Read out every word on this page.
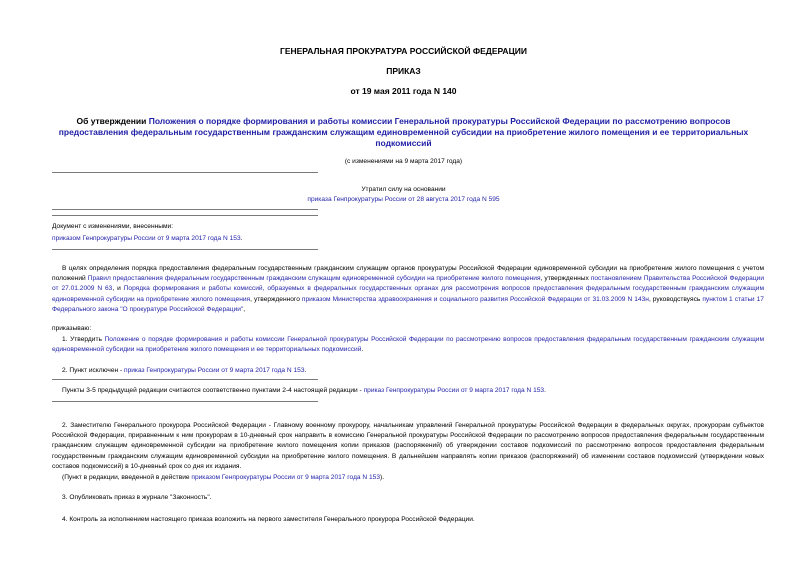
ГЕНЕРАЛЬНАЯ ПРОКУРАТУРА РОССИЙСКОЙ ФЕДЕРАЦИИ
ПРИКАЗ
от 19 мая 2011 года N 140
Об утверждении Положения о порядке формирования и работы комиссии Генеральной прокуратуры Российской Федерации по рассмотрению вопросов предоставления федеральным государственным гражданским служащим единовременной субсидии на приобретение жилого помещения и ее территориальных подкомиссий
(с изменениями на 9 марта 2017 года)
Утратил силу на основании
приказа Генпрокуратуры России от 28 августа 2017 года N 595
Документ с изменениями, внесенными:
приказом Генпрокуратуры России от 9 марта 2017 года N 153.
В целях определения порядка предоставления федеральным государственным гражданским служащим органов прокуратуры Российской Федерации единовременной субсидии на приобретение жилого помещения с учетом положений Правил предоставления федеральным государственным гражданским служащим единовременной субсидии на приобретение жилого помещения, утвержденных постановлением Правительства Российской Федерации от 27.01.2009 N 63, и Порядка формирования и работы комиссий, образуемых в федеральных государственных органах для рассмотрения вопросов предоставления федеральным государственным гражданским служащим единовременной субсидии на приобретение жилого помещения, утвержденного приказом Министерства здравоохранения и социального развития Российской Федерации от 31.03.2009 N 143н, руководствуясь пунктом 1 статьи 17 Федерального закона "О прокуратуре Российской Федерации",
приказываю:
1. Утвердить Положение о порядке формирования и работы комиссии Генеральной прокуратуры Российской Федерации по рассмотрению вопросов предоставления федеральным государственным гражданским служащим единовременной субсидии на приобретение жилого помещения и ее территориальных подкомиссий.
2. Пункт исключен - приказ Генпрокуратуры России от 9 марта 2017 года N 153.
Пункты 3-5 предыдущей редакции считаются соответственно пунктами 2-4 настоящей редакции - приказ Генпрокуратуры России от 9 марта 2017 года N 153.
2. Заместителю Генерального прокурора Российской Федерации - Главному военному прокурору, начальникам управлений Генеральной прокуратуры Российской Федерации в федеральных округах, прокурорам субъектов Российской Федерации, приравненным к ним прокурорам в 10-дневный срок направить в комиссию Генеральной прокуратуры Российской Федерации по рассмотрению вопросов предоставления федеральным государственным гражданским служащим единовременной субсидии на приобретение жилого помещения копии приказов (распоряжений) об утверждении составов подкомиссий по рассмотрению вопросов предоставления федеральным государственным гражданским служащим единовременной субсидии на приобретение жилого помещения. В дальнейшем направлять копии приказов (распоряжений) об изменении составов подкомиссий (утверждении новых составов подкомиссий) в 10-дневный срок со дня их издания.
(Пункт в редакции, введенной в действие приказом Генпрокуратуры России от 9 марта 2017 года N 153).
3. Опубликовать приказ в журнале "Законность".
4. Контроль за исполнением настоящего приказа возложить на первого заместителя Генерального прокурора Российской Федерации.
